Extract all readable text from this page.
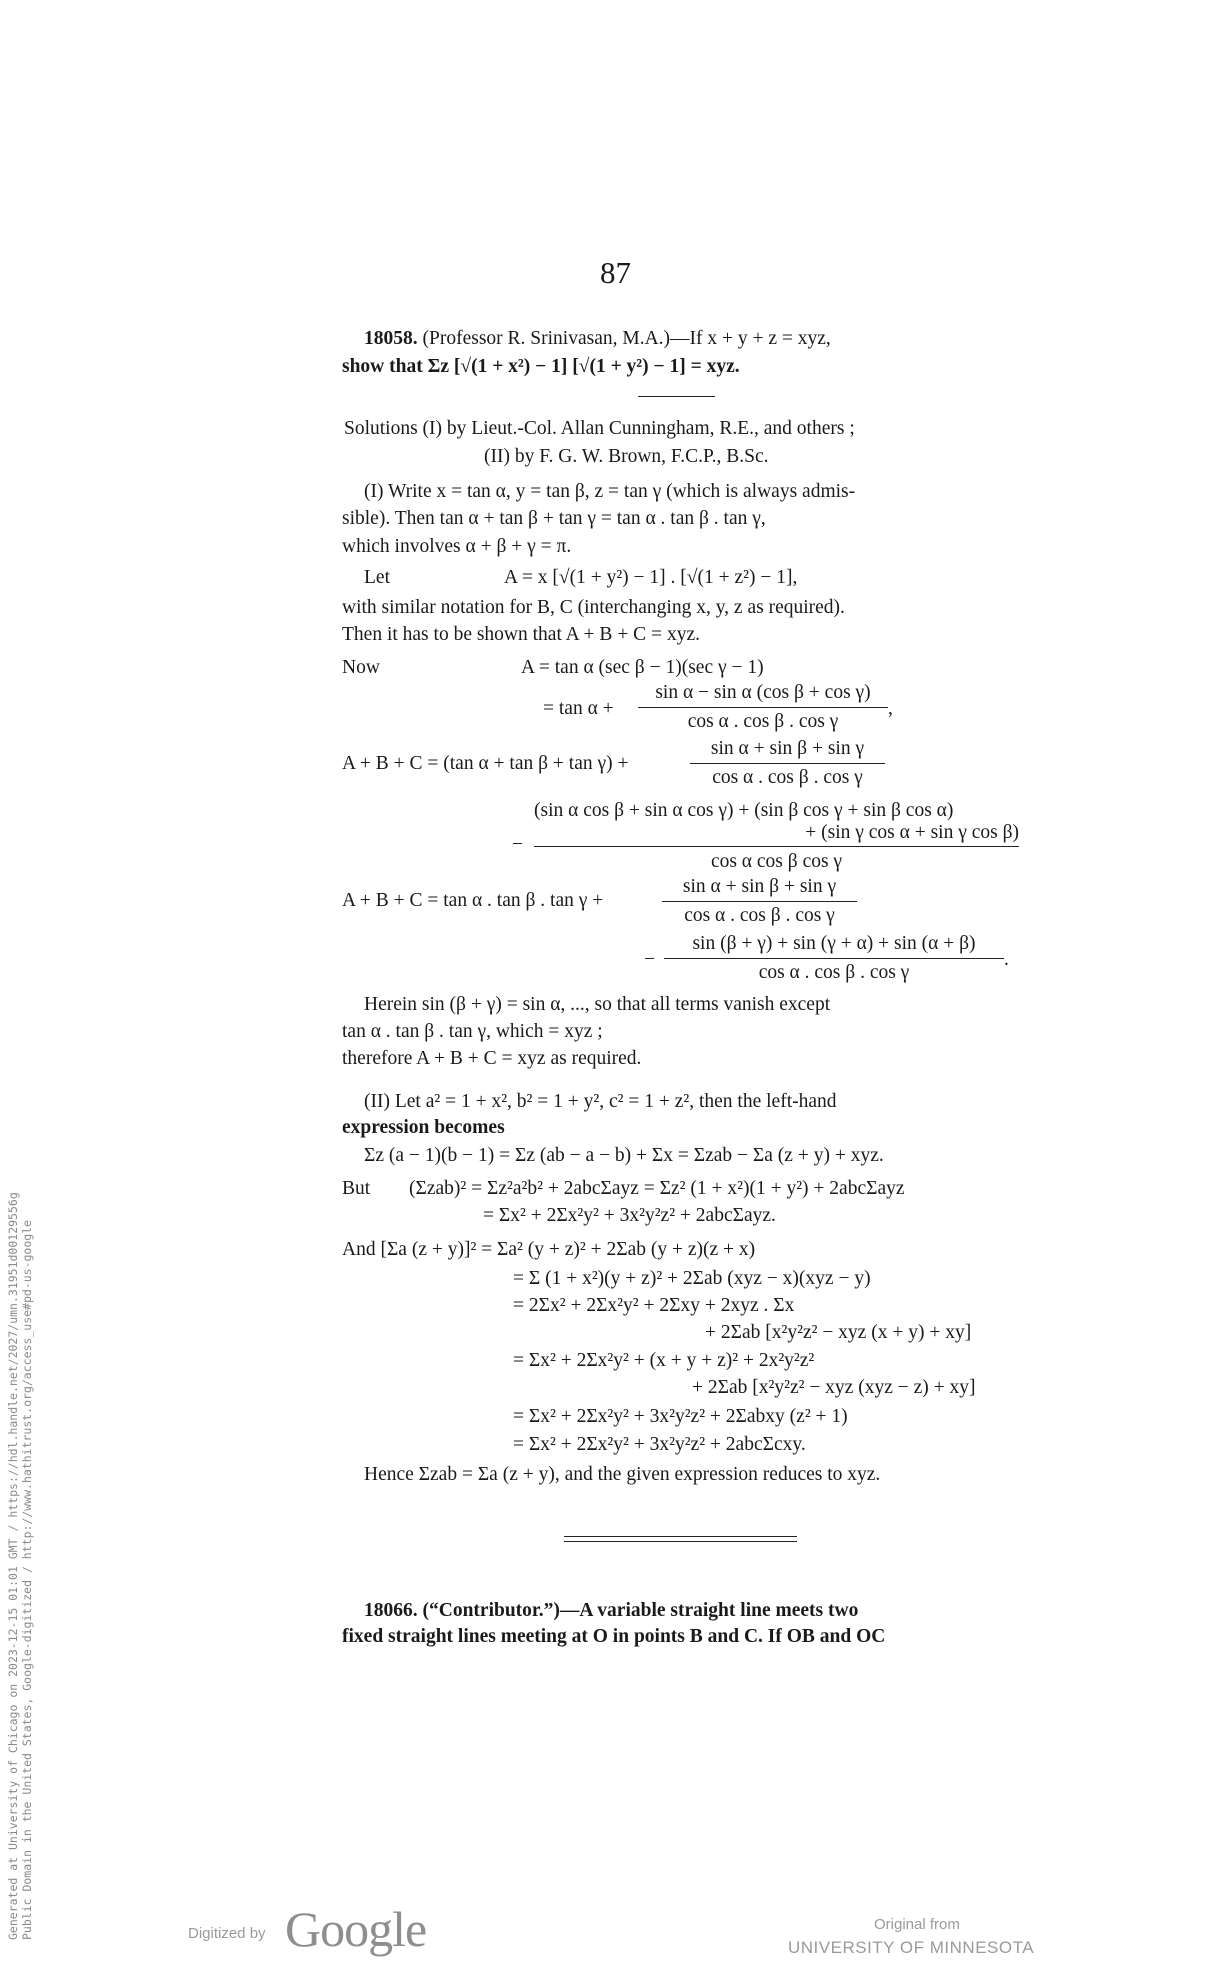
87
18058. (Professor R. Srinivasan, M.A.)—If x + y + z = xyz,
show that Σz [√(1 + x²) − 1] [√(1 + y²) − 1] = xyz.
Solutions (I) by Lieut.-Col. Allan Cunningham, R.E., and others ;
(II) by F. G. W. Brown, F.C.P., B.Sc.
(I) Write x = tan α, y = tan β, z = tan γ (which is always admis-
sible). Then tan α + tan β + tan γ = tan α . tan β . tan γ,
which involves α + β + γ = π.
Let	A = x [√(1 + y²) − 1] . [√(1 + z²) − 1],
with similar notation for B, C (interchanging x, y, z as required).
Then it has to be shown that A + B + C = xyz.
Now	A = tan α (sec β − 1)(sec γ − 1)
= tan α +
sin α − sin α (cos β + cos γ)
cos α . cos β . cos γ
,
A + B + C = (tan α + tan β + tan γ) +
sin α + sin β + sin γ
cos α . cos β . cos γ
−
(sin α cos β + sin α cos γ) + (sin β cos γ + sin β cos α)
+ (sin γ cos α + sin γ cos β)
cos α cos β cos γ
A + B + C = tan α . tan β . tan γ +
sin α + sin β + sin γ
cos α . cos β . cos γ
−
sin (β + γ) + sin (γ + α) + sin (α + β)
cos α . cos β . cos γ
.
Herein sin (β + γ) = sin α, ..., so that all terms vanish except
tan α . tan β . tan γ, which = xyz ;
therefore A + B + C = xyz as required.
(II) Let a² = 1 + x², b² = 1 + y², c² = 1 + z², then the left-hand
expression becomes
Σz (a − 1)(b − 1) = Σz (ab − a − b) + Σx = Σzab − Σa (z + y) + xyz.
But (Σzab)² = Σz²a²b² + 2abcΣayz = Σz² (1 + x²)(1 + y²) + 2abcΣayz
= Σx² + 2Σx²y² + 3x²y²z² + 2abcΣayz.
And [Σa (z + y)]² = Σa² (y + z)² + 2Σab (y + z)(z + x)
= Σ (1 + x²)(y + z)² + 2Σab (xyz − x)(xyz − y)
= 2Σx² + 2Σx²y² + 2Σxy + 2xyz . Σx
+ 2Σab [x²y²z² − xyz (x + y) + xy]
= Σx² + 2Σx²y² + (x + y + z)² + 2x²y²z²
+ 2Σab [x²y²z² − xyz (xyz − z) + xy]
= Σx² + 2Σx²y² + 3x²y²z² + 2Σabxy (z² + 1)
= Σx² + 2Σx²y² + 3x²y²z² + 2abcΣcxy.
Hence Σzab = Σa (z + y), and the given expression reduces to xyz.
18066. (“Contributor.”)—A variable straight line meets two
fixed straight lines meeting at O in points B and C. If OB and OC
Generated at University of Chicago on 2023-12-15 01:01 GMT / https://hdl.handle.net/2027/umn.31951d00129556g Public Domain in the United States, Google-digitized / http://www.hathitrust.org/access_use#pd-us-google	Digitized by Google	Original from
UNIVERSITY OF MINNESOTA
